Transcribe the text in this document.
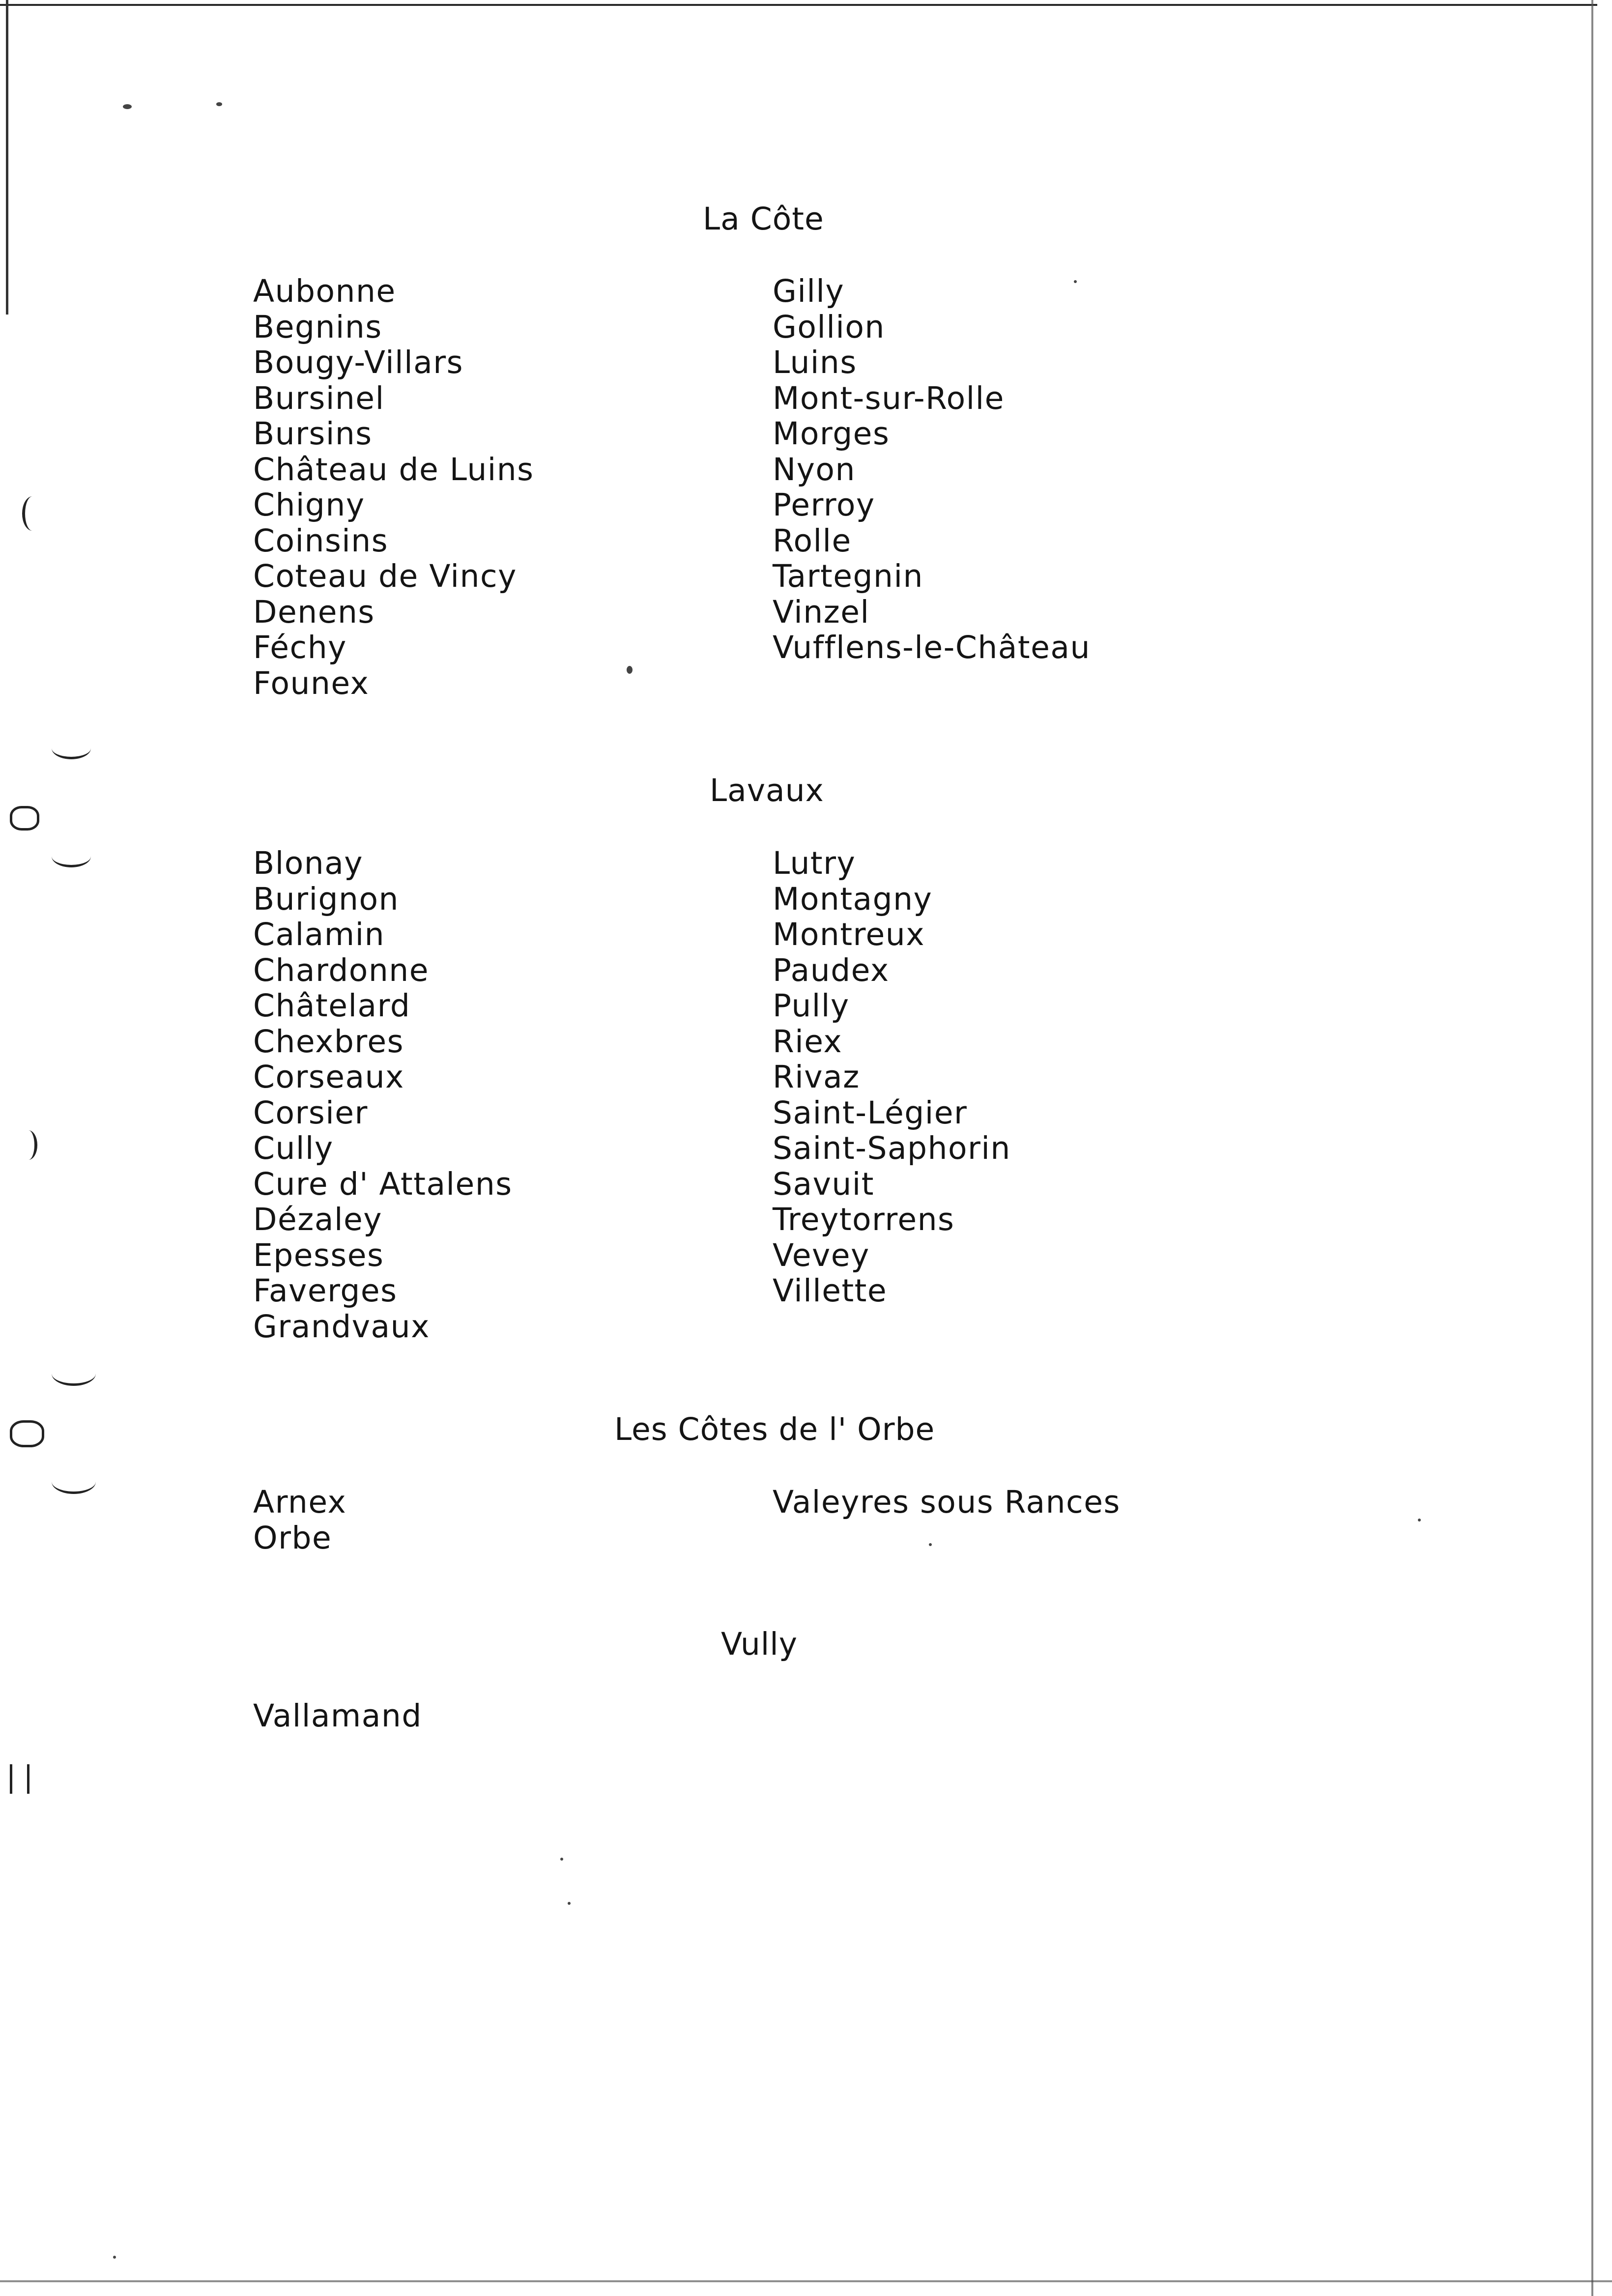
La Côte
Aubonne
Begnins
Bougy-Villars
Bursinel
Bursins
Château de Luins
Chigny
Coinsins
Coteau de Vincy
Denens
Féchy
Founex
Gilly
Gollion
Luins
Mont-sur-Rolle
Morges
Nyon
Perroy
Rolle
Tartegnin
Vinzel
Vufflens-le-Château
Lavaux
Blonay
Burignon
Calamin
Chardonne
Châtelard
Chexbres
Corseaux
Corsier
Cully
Cure d' Attalens
Dézaley
Epesses
Faverges
Grandvaux
Lutry
Montagny
Montreux
Paudex
Pully
Riex
Rivaz
Saint-Légier
Saint-Saphorin
Savuit
Treytorrens
Vevey
Villette
Les Côtes de l' Orbe
Arnex
Orbe
Valeyres sous Rances
Vully
Vallamand
